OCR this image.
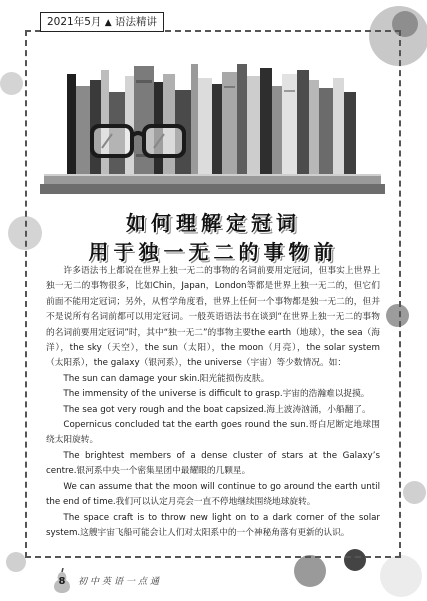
2021年5月 ▲ 语法精讲
如何理解定冠词
用于独一无二的事物前

许多语法书上都说在世界上独一无二的事物的名词前要用定冠词，但事实上世界上独一无二的事物很多，比如Chin，Japan，London等都是世界上独一无二的，但它们前面不能用定冠词；另外，从哲学角度看，世界上任何一个事物都是独一无二的，但并不是说所有名词前都可以用定冠词。一般英语语法书在谈到“在世界上独一无二的事物的名词前要用定冠词”时，其中“独一无二”的事物主要the earth（地球），the sea（海洋），the sky（天空），the sun（太阳），the moon（月亮），the solar system（太阳系），the galaxy（银河系），the universe（宇宙）等少数情况。如：

The sun can damage your skin.阳光能损伤皮肤。

The immensity of the universe is difficult to grasp.宇宙的浩瀚难以捉摸。

The sea got very rough and the boat capsized.海上波涛汹涌，小船翻了。

Copernicus concluded tat the earth goes round the sun.哥白尼断定地球围绕太阳旋转。

The brightest members of a dense cluster of stars at the Galaxy’s centre.银河系中央一个密集星团中最耀眼的几颗星。

We can assume that the moon will continue to go around the earth until the end of time.我们可以认定月亮会一直不停地继续围绕地球旋转。

The space craft is to throw new light on to a dark corner of the solar system.这艘宇宙飞船可能会让人们对太阳系中的一个神秘角落有更新的认识。

8	初中英语一点通
